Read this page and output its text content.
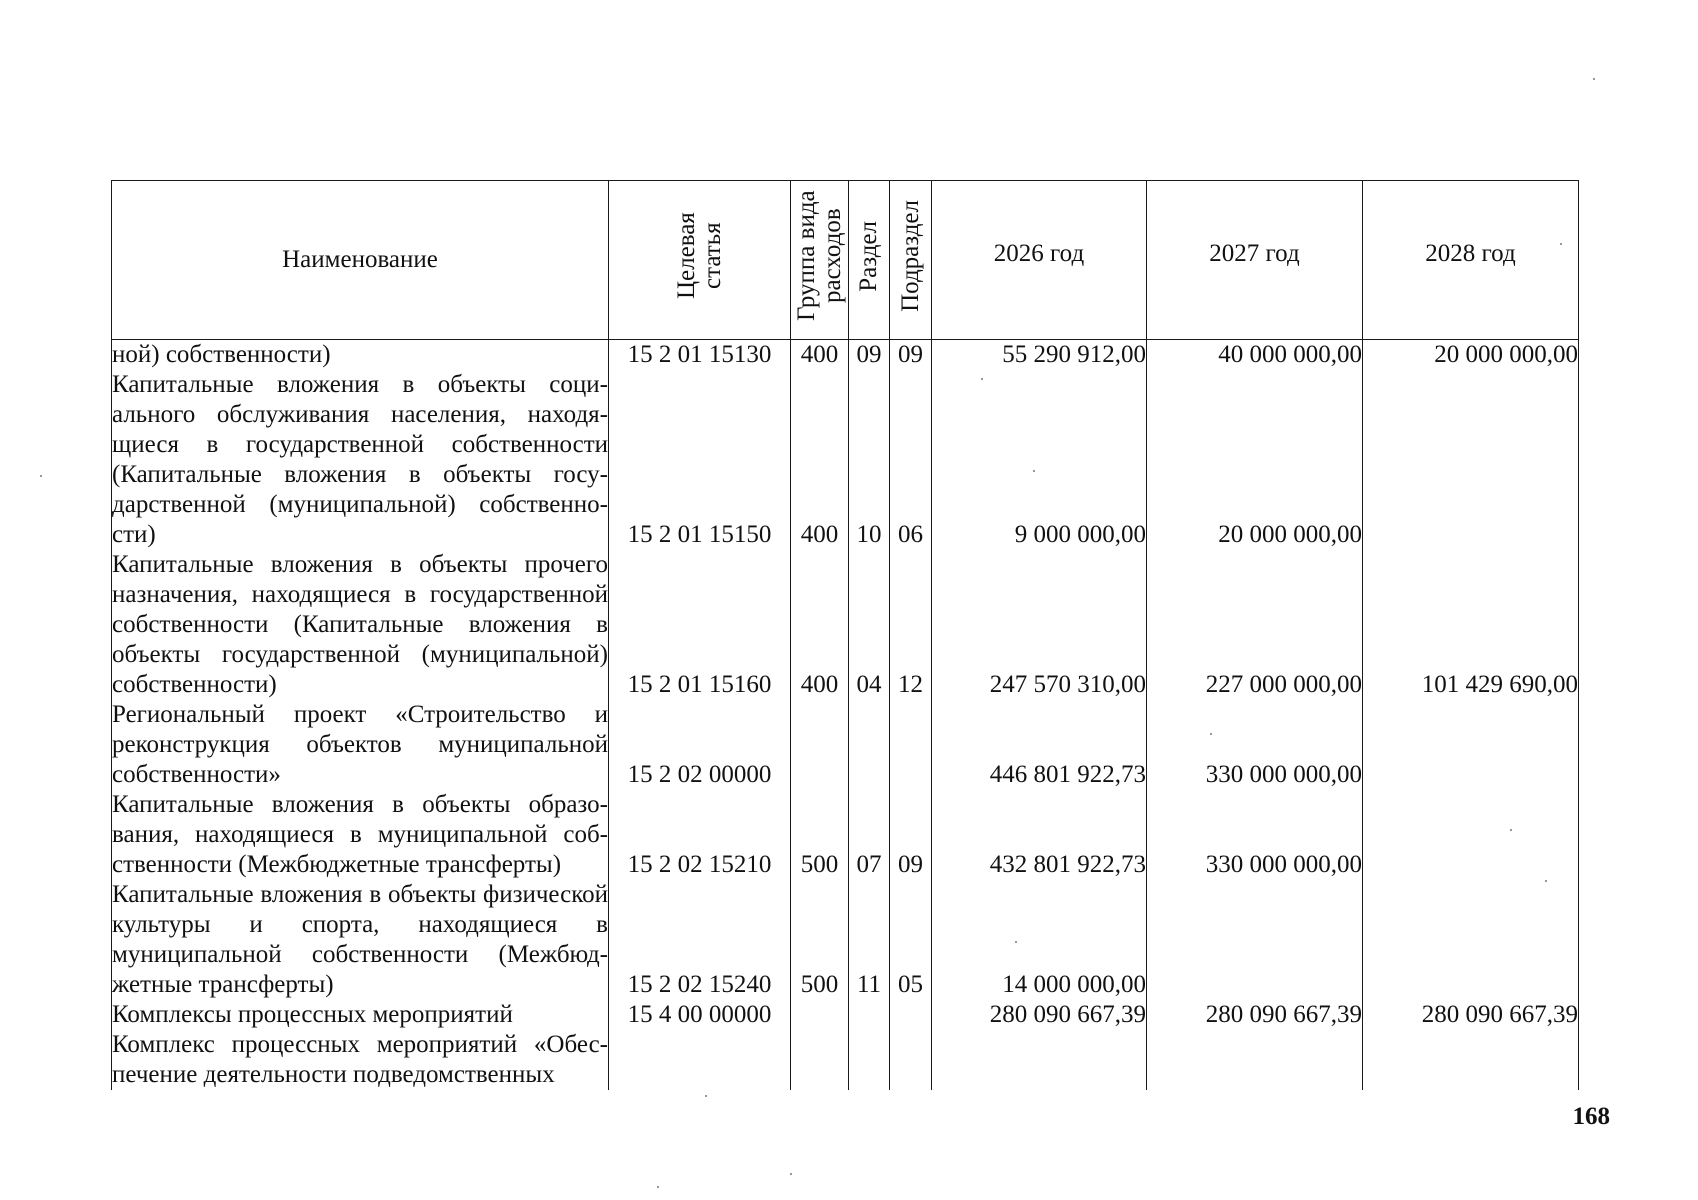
Наименование	Целевая статья	Группа вида расходов	Раздел	Подраздел	2026 год	2027 год	2028 год
ной) собственности)	15 2 01 15130	400	09	09	55 290 912,00	40 000 000,00	20 000 000,00
Капитальные вложения в объекты социального обслуживания населения, находящиеся в государственной собственности (Капитальные вложения в объекты государственной (муниципальной) собственности)	15 2 01 15150	400	10	06	9 000 000,00	20 000 000,00	
Капитальные вложения в объекты прочего назначения, находящиеся в государственной собственности (Капитальные вложения в объекты государственной (муниципальной) собственности)	15 2 01 15160	400	04	12	247 570 310,00	227 000 000,00	101 429 690,00
Региональный проект «Строительство и реконструкция объектов муниципальной собственности»	15 2 02 00000				446 801 922,73	330 000 000,00	
Капитальные вложения в объекты образования, находящиеся в муниципальной собственности (Межбюджетные трансферты)	15 2 02 15210	500	07	09	432 801 922,73	330 000 000,00	
Капитальные вложения в объекты физической культуры и спорта, находящиеся в муниципальной собственности (Межбюджетные трансферты)	15 2 02 15240	500	11	05	14 000 000,00		
Комплексы процессных мероприятий	15 4 00 00000				280 090 667,39	280 090 667,39	280 090 667,39
Комплекс процессных мероприятий «Обеспечение деятельности подведомственных							
168
